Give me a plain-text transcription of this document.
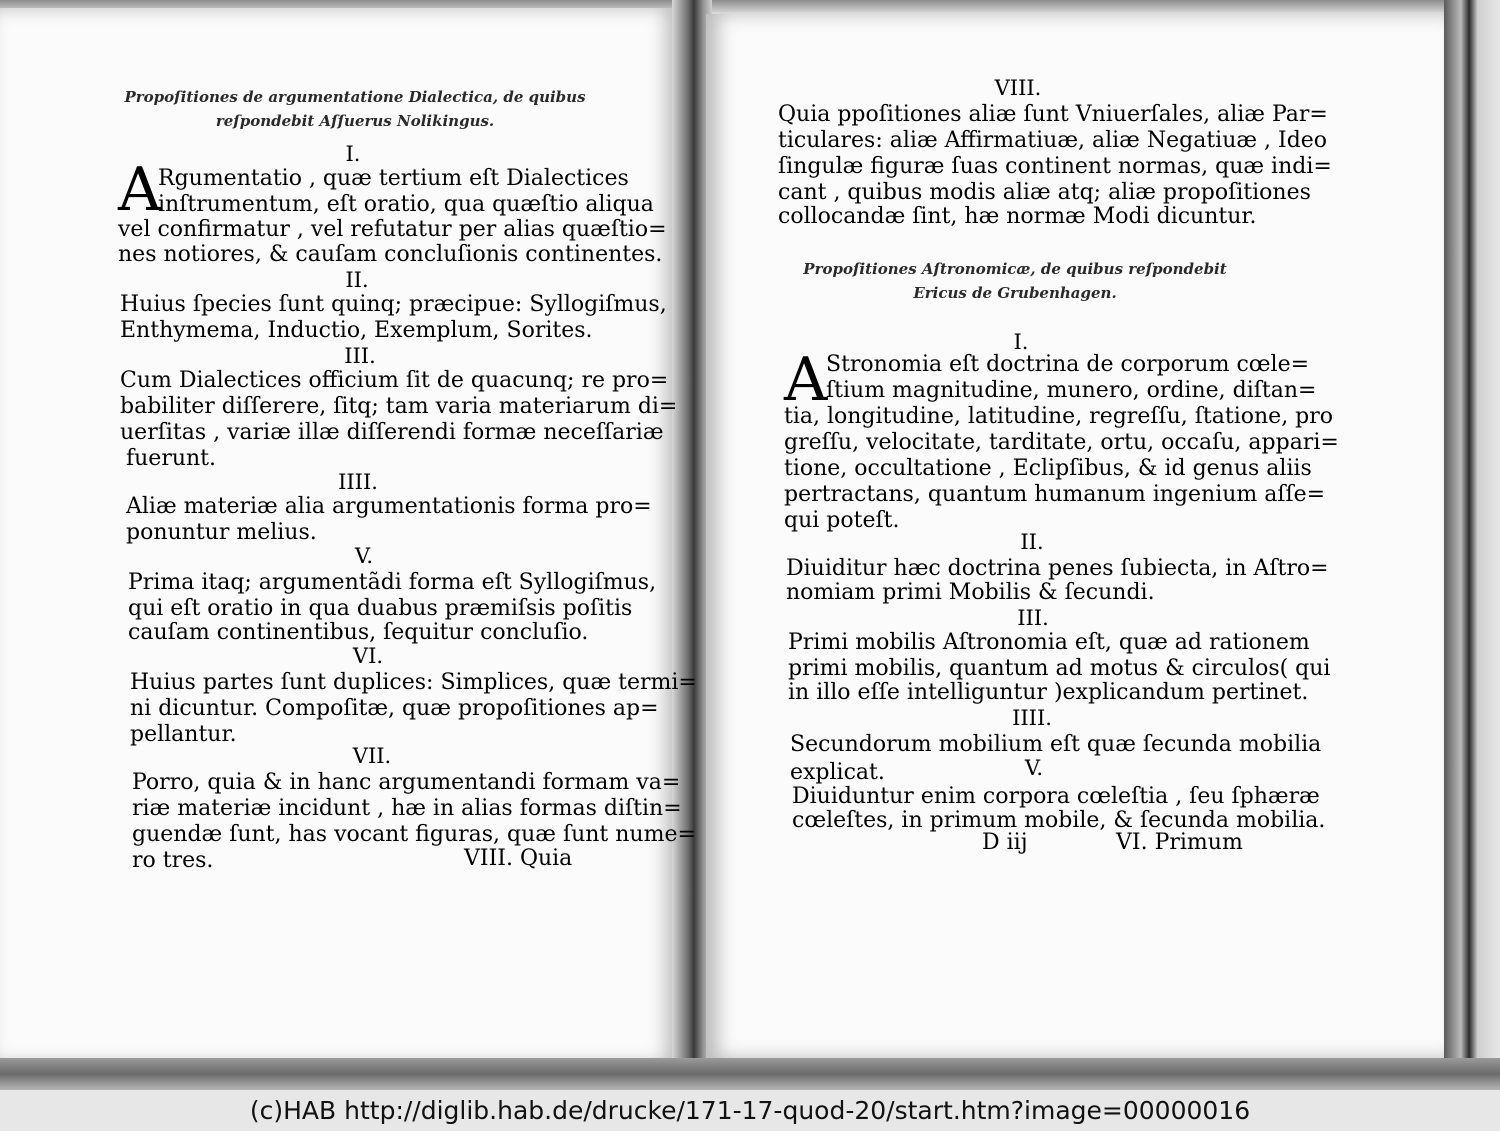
Propoſitiones de argumentatione Dialectica, de quibus
reſpondebit Aſſuerus Nolikingus.
I.
A
Rgumentatio , quæ tertium eſt Dialectices
inſtrumentum, eſt oratio, qua quæſtio aliqua
vel confirmatur , vel refutatur per alias quæſtio=
nes notiores, & cauſam concluſionis continentes.
II.
Huius ſpecies ſunt quinq; præcipue: Syllogiſmus,
Enthymema, Inductio, Exemplum, Sorites.
III.
Cum Dialectices officium ſit de quacunq; re pro=
babiliter diſſerere, ſitq; tam varia materiarum di=
uerſitas , variæ illæ diſſerendi formæ neceſſariæ
fuerunt.
IIII.
Aliæ materiæ alia argumentationis forma pro=
ponuntur melius.
V.
Prima itaq; argumentãdi forma eſt Syllogiſmus,
qui eſt oratio in qua duabus præmiſsis poſitis
cauſam continentibus, ſequitur concluſio.
VI.
Huius partes ſunt duplices: Simplices, quæ termi=
ni dicuntur. Compoſitæ, quæ propoſitiones ap=
pellantur.
VII.
Porro, quia & in hanc argumentandi formam va=
riæ materiæ incidunt , hæ in alias formas diſtin=
guendæ ſunt, has vocant figuras, quæ ſunt nume=
ro tres.	VIII. Quia
VIII.
Quia ppoſitiones aliæ ſunt Vniuerſales, aliæ Par=
ticulares: aliæ Affirmatiuæ, aliæ Negatiuæ , Ideo
ſingulæ figuræ ſuas continent normas, quæ indi=
cant , quibus modis aliæ atq; aliæ propoſitiones
collocandæ ſint, hæ normæ Modi dicuntur.
Propoſitiones Aſtronomicæ, de quibus reſpondebit
Ericus de Grubenhagen.
I.
A
Stronomia eſt doctrina de corporum cœle=
ſtium magnitudine, munero, ordine, diſtan=
tia, longitudine, latitudine, regreſſu, ſtatione, pro
greſſu, velocitate, tarditate, ortu, occaſu, appari=
tione, occultatione , Eclipſibus, & id genus aliis
pertractans, quantum humanum ingenium aſſe=
qui poteſt.
II.
Diuiditur hæc doctrina penes ſubiecta, in Aſtro=
nomiam primi Mobilis & ſecundi.
III.
Primi mobilis Aſtronomia eſt, quæ ad rationem
primi mobilis, quantum ad motus & circulos( qui
in illo eſſe intelliguntur )explicandum pertinet.
IIII.
Secundorum mobilium eſt quæ ſecunda mobilia
explicat.	V.
Diuiduntur enim corpora cœleſtia , ſeu ſphæræ
cœleſtes, in primum mobile, & ſecunda mobilia.
D iij	VI. Primum
(c)HAB http://diglib.hab.de/drucke/171-17-quod-20/start.htm?image=00000016
